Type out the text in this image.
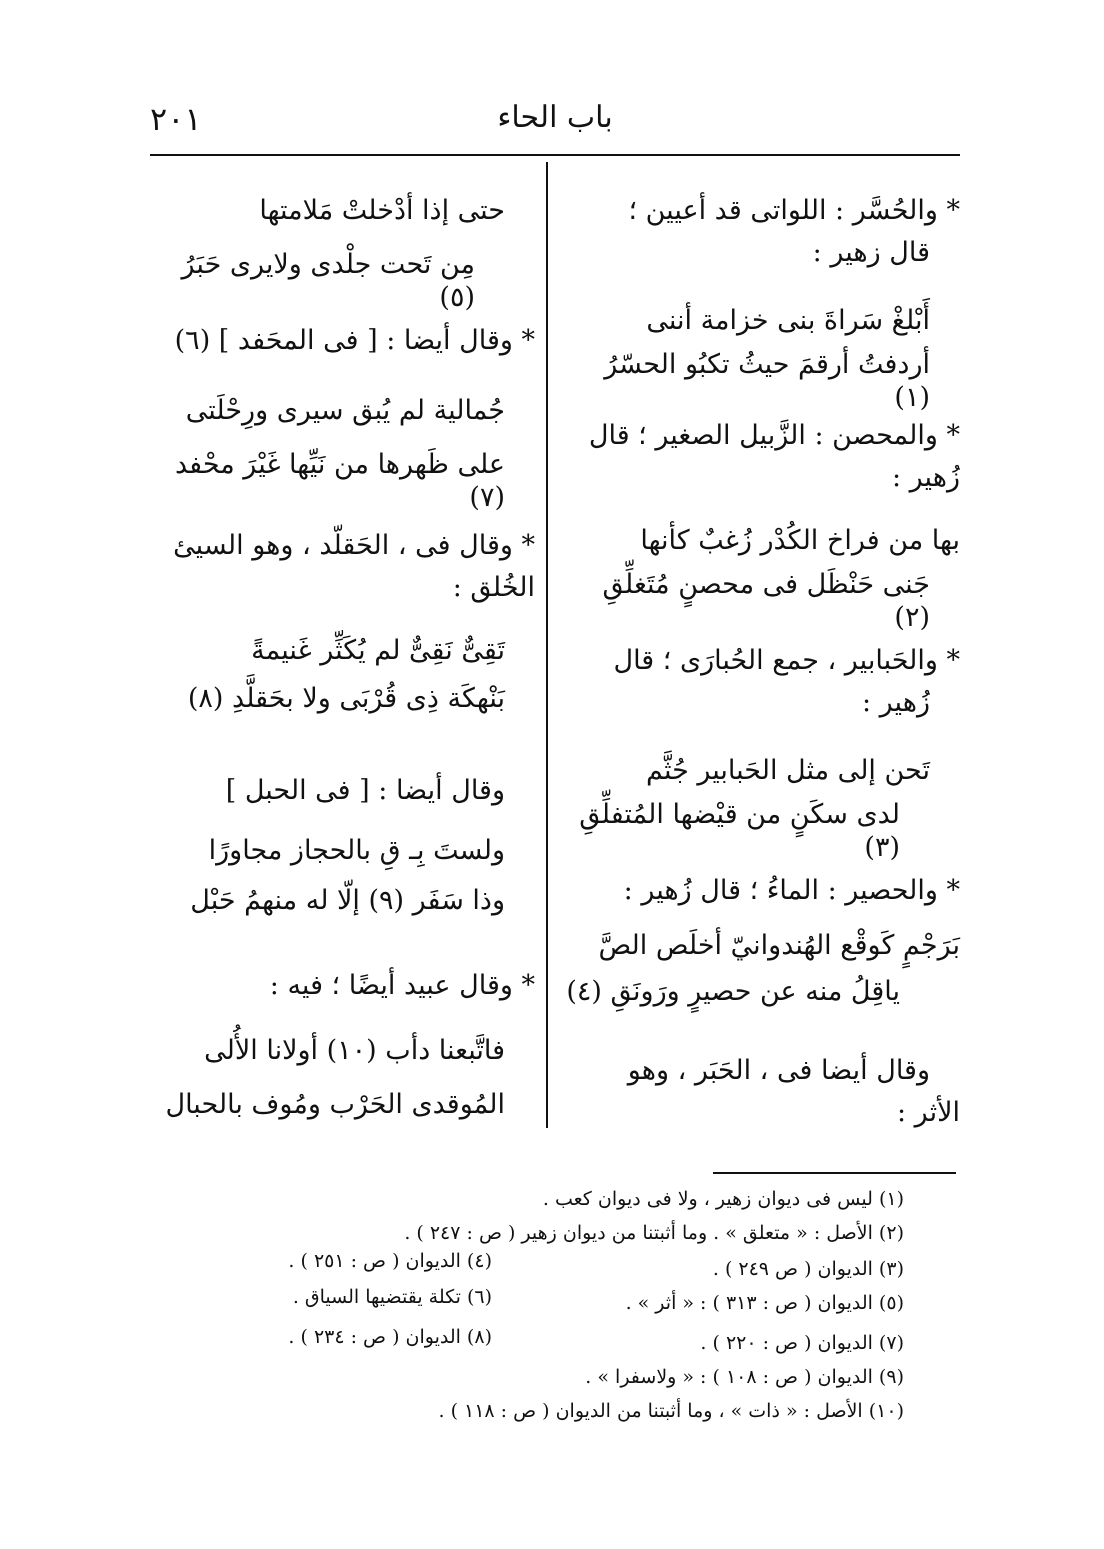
باب الحاء
٢٠١

* والحُسَّر : اللواتى قد أعيين ؛

قال زهير :

أَبْلغْ سَراةَ بنى خزامة أننى

أردفتُ أرقمَ حيثُ تكبُو الحسّرُ (١)

* والمحصن : الزَّبيل الصغير ؛ قال

زُهير :

بها من فراخ الكُدْر زُغبٌ كأنها

جَنى حَنْظَل فى محصنٍ مُتَغلِّقِ (٢)

* والحَبابير ، جمع الحُبارَى ؛ قال

زُهير :

تَحن إلى مثل الحَبابير جُثَّم

لدى سكَنٍ من قيْضها المُتفلِّقِ (٣)

* والحصير : الماءُ ؛ قال زُهير :

بَرَجْمٍ كَوقْع الهُندوانيّ أخلَص الصَّ

ياقِلُ منه عن حصيرٍ ورَونَقِ (٤)

وقال أيضا فى ، الحَبَر ، وهو

الأثر :

حتى إذا أدْخلتْ مَلامتها

مِن تَحت جلْدى ولايرى حَبَرُ (٥)

* وقال أيضا : [ فى المحَفد ] (٦)

جُمالية لم يُبق سيرى ورِحْلَتى

على ظَهرها من نَيِّها غَيْرَ محْفد (٧)

* وقال فى ، الحَقلّد ، وهو السيئ

الخُلق :

تَقِىٌّ نَقِىٌّ لم يُكَثِّر غَنيمةً

بَنْهكَة ذِى قُرْبَى ولا بحَقلَّدِ (٨)

وقال أيضا : [ فى الحبل ]

ولستَ بِـ قِ بالحجاز مجاورًا

وذا سَفَر (٩) إلّا له منهمُ حَبْل

* وقال عبيد أيضًا ؛ فيه :

فاتَّبعنا دأب (١٠) أولانا الأُلى

المُوقدى الحَرْب ومُوف بالحبال

(١) ليس فى ديوان زهير ، ولا فى ديوان كعب .
(٢) الأصل : « متعلق » . وما أثبتنا من ديوان زهير ( ص : ٢٤٧ ) .
(٣) الديوان ( ص ٢٤٩ ) .
(٤) الديوان ( ص : ٢٥١ ) .
(٥) الديوان ( ص : ٣١٣ ) : « أثر » .
(٦) تكلة يقتضيها السياق .
(٧) الديوان ( ص : ٢٢٠ ) .
(٨) الديوان ( ص : ٢٣٤ ) .
(٩) الديوان ( ص : ١٠٨ ) : « ولاسفرا » .
(١٠) الأصل : « ذات » ، وما أثبتنا من الديوان ( ص : ١١٨ ) .
